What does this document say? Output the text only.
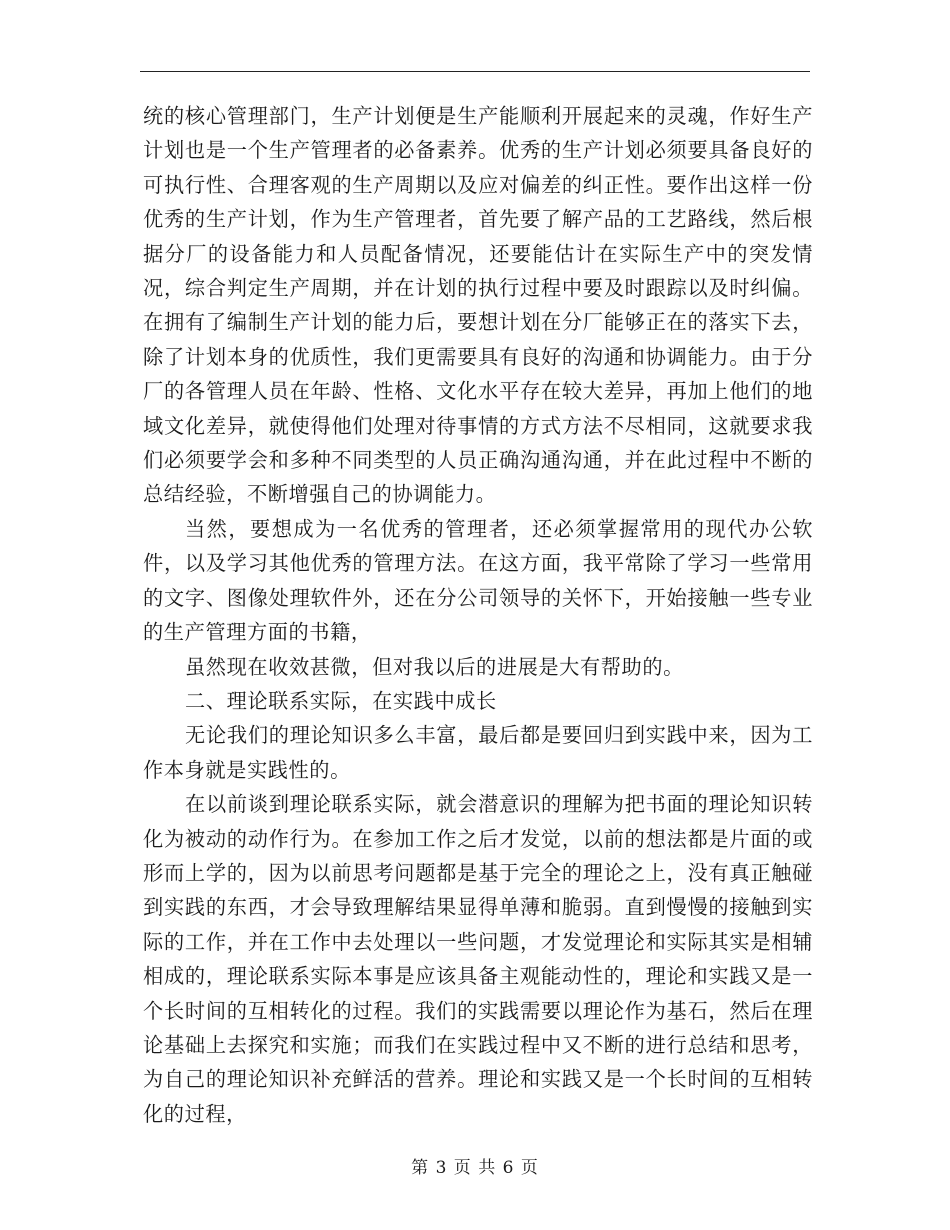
统的核心管理部门，生产计划便是生产能顺利开展起来的灵魂，作好生产计划也是一个生产管理者的必备素养。优秀的生产计划必须要具备良好的可执行性、合理客观的生产周期以及应对偏差的纠正性。要作出这样一份优秀的生产计划，作为生产管理者，首先要了解产品的工艺路线，然后根据分厂的设备能力和人员配备情况，还要能估计在实际生产中的突发情况，综合判定生产周期，并在计划的执行过程中要及时跟踪以及时纠偏。在拥有了编制生产计划的能力后，要想计划在分厂能够正在的落实下去，除了计划本身的优质性，我们更需要具有良好的沟通和协调能力。由于分厂的各管理人员在年龄、性格、文化水平存在较大差异，再加上他们的地域文化差异，就使得他们处理对待事情的方式方法不尽相同，这就要求我们必须要学会和多种不同类型的人员正确沟通沟通，并在此过程中不断的总结经验，不断增强自己的协调能力。

当然，要想成为一名优秀的管理者，还必须掌握常用的现代办公软件，以及学习其他优秀的管理方法。在这方面，我平常除了学习一些常用的文字、图像处理软件外，还在分公司领导的关怀下，开始接触一些专业的生产管理方面的书籍，

虽然现在收效甚微，但对我以后的进展是大有帮助的。

二、理论联系实际，在实践中成长

无论我们的理论知识多么丰富，最后都是要回归到实践中来，因为工作本身就是实践性的。

在以前谈到理论联系实际，就会潜意识的理解为把书面的理论知识转化为被动的动作行为。在参加工作之后才发觉，以前的想法都是片面的或形而上学的，因为以前思考问题都是基于完全的理论之上，没有真正触碰到实践的东西，才会导致理解结果显得单薄和脆弱。直到慢慢的接触到实际的工作，并在工作中去处理以一些问题，才发觉理论和实际其实是相辅相成的，理论联系实际本事是应该具备主观能动性的，理论和实践又是一个长时间的互相转化的过程。我们的实践需要以理论作为基石，然后在理论基础上去探究和实施；而我们在实践过程中又不断的进行总结和思考，为自己的理论知识补充鲜活的营养。理论和实践又是一个长时间的互相转化的过程，

第 3 页 共 6 页
